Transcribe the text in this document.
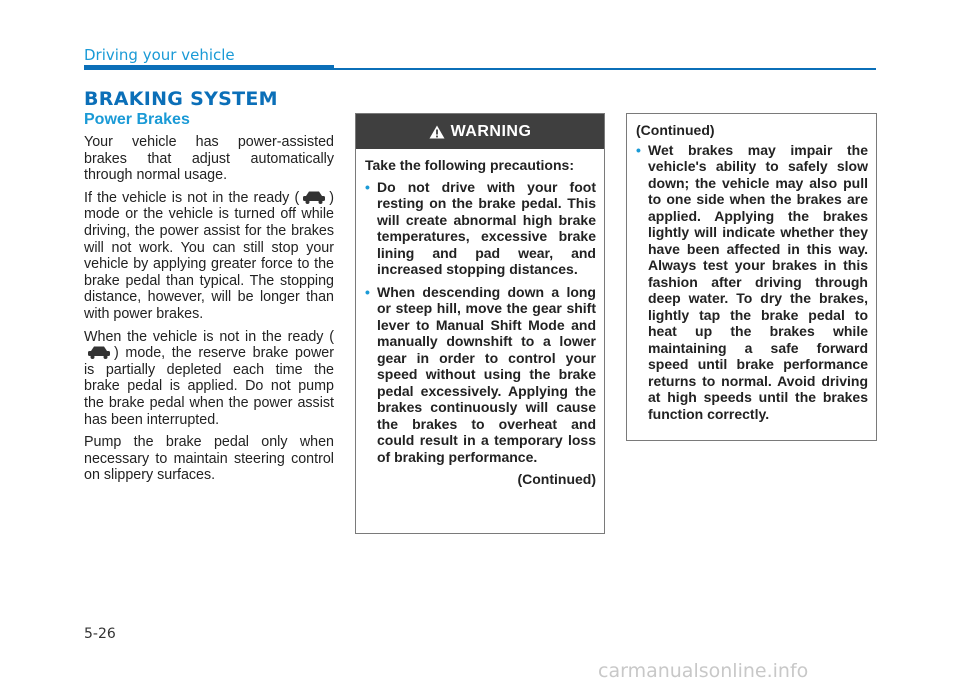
Driving your vehicle
BRAKING SYSTEM
Power Brakes

Your vehicle has power-assisted brakes that adjust automatically through normal usage.

If the vehicle is not in the ready ( ) mode or the vehicle is turned off while driving, the power assist for the brakes will not work. You can still stop your vehicle by applying greater force to the brake pedal than typical. The stopping distance, however, will be longer than with power brakes.

When the vehicle is not in the ready () mode, the reserve brake power is partially depleted each time the brake pedal is applied. Do not pump the brake pedal when the power assist has been interrupted.

Pump the brake pedal only when necessary to maintain steering control on slippery surfaces.

WARNING

Take the following precautions:

• Do not drive with your foot resting on the brake pedal. This will create abnormal high brake temperatures, excessive brake lining and pad wear, and increased stopping distances.
• When descending down a long or steep hill, move the gear shift lever to Manual Shift Mode and manually downshift to a lower gear in order to control your speed without using the brake pedal excessively. Applying the brakes continuously will cause the brakes to overheat and could result in a temporary loss of braking performance.
(Continued)

(Continued)

• Wet brakes may impair the vehicle's ability to safely slow down; the vehicle may also pull to one side when the brakes are applied. Applying the brakes lightly will indicate whether they have been affected in this way. Always test your brakes in this fashion after driving through deep water. To dry the brakes, lightly tap the brake pedal to heat up the brakes while maintaining a safe forward speed until brake performance returns to normal. Avoid driving at high speeds until the brakes function correctly.
5-26
carmanualsonline.info
